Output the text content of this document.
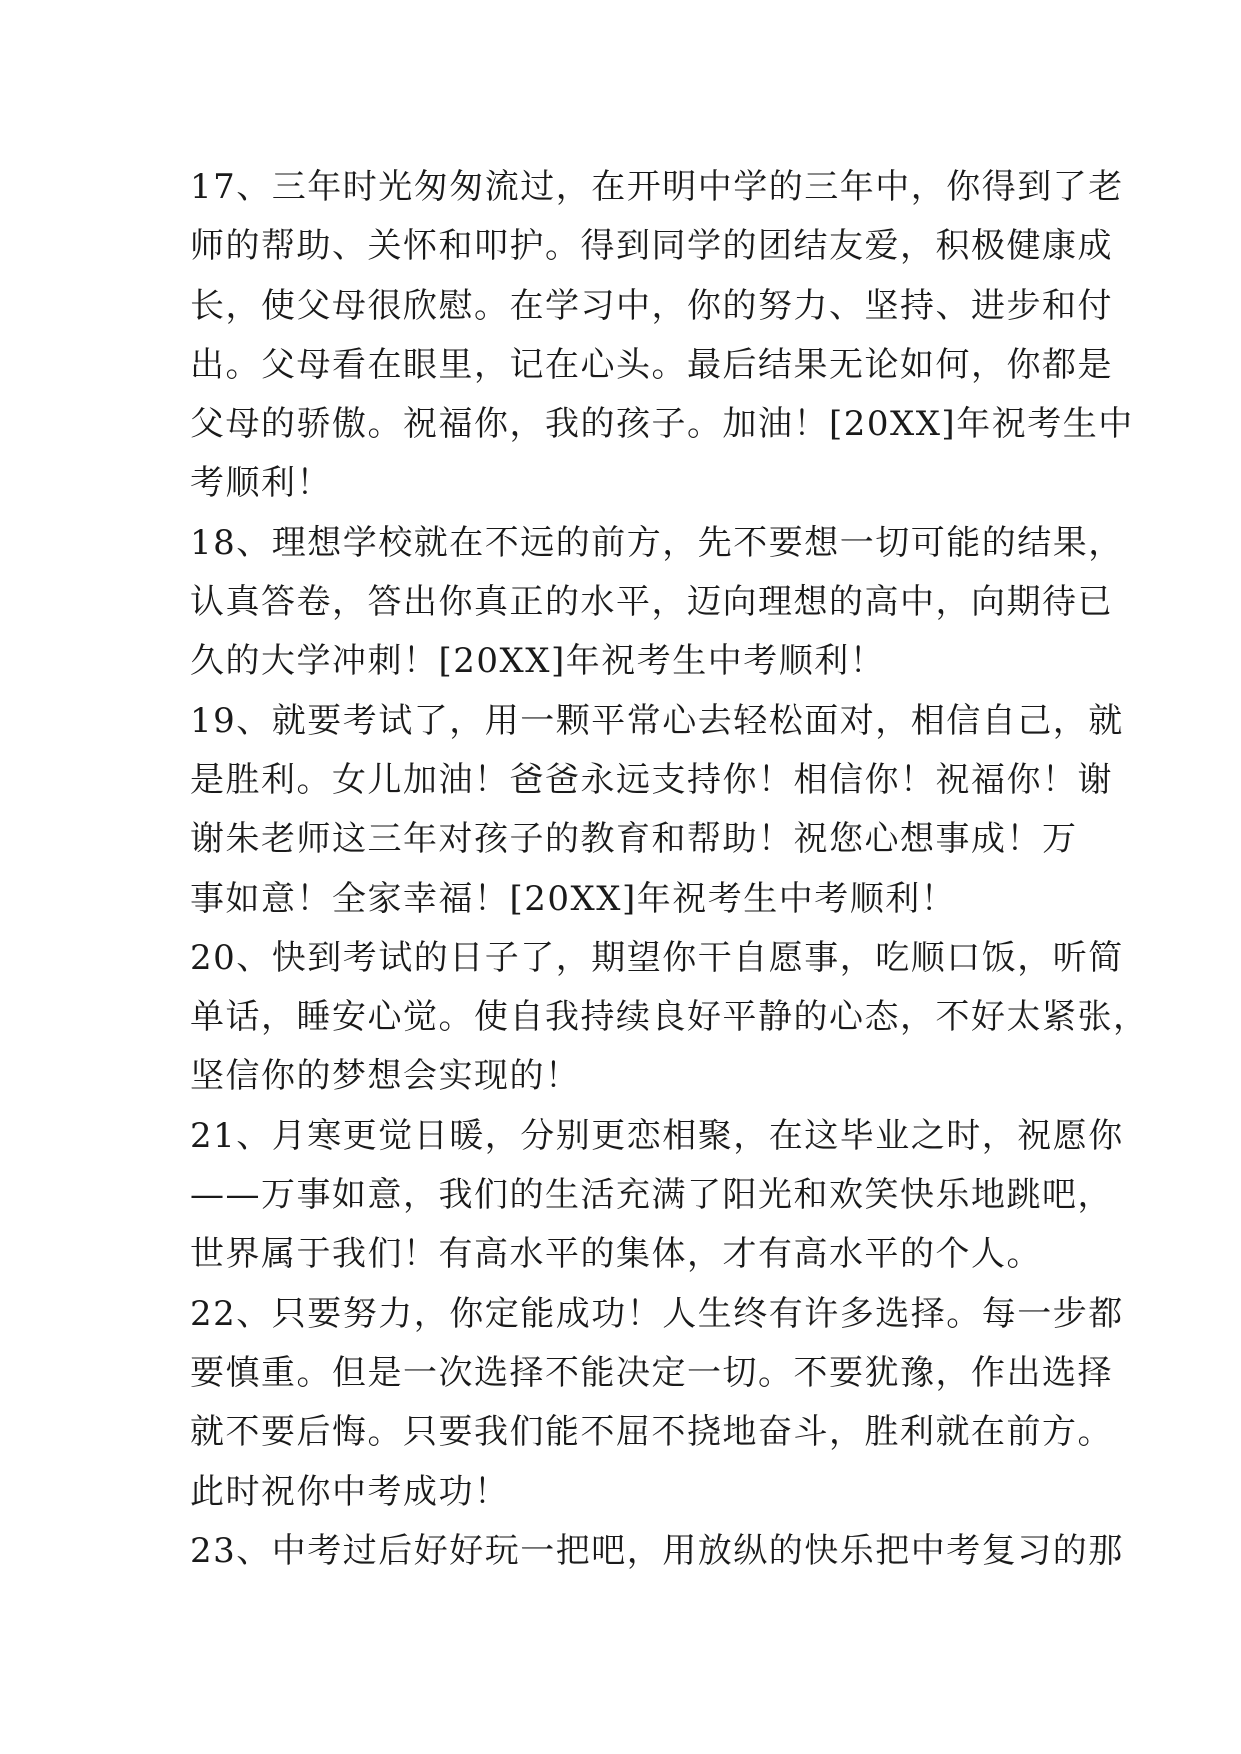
17、三年时光匆匆流过，在开明中学的三年中，你得到了老
师的帮助、关怀和叩护。得到同学的团结友爱，积极健康成
长，使父母很欣慰。在学习中，你的努力、坚持、进步和付
出。父母看在眼里，记在心头。最后结果无论如何，你都是
父母的骄傲。祝福你，我的孩子。加油！[20XX]年祝考生中
考顺利！
18、理想学校就在不远的前方，先不要想一切可能的结果，
认真答卷，答出你真正的水平，迈向理想的高中，向期待已
久的大学冲刺！[20XX]年祝考生中考顺利！
19、就要考试了，用一颗平常心去轻松面对，相信自己，就
是胜利。女儿加油！爸爸永远支持你！相信你！祝福你！谢
谢朱老师这三年对孩子的教育和帮助！祝您心想事成！万
事如意！全家幸福！[20XX]年祝考生中考顺利！
20、快到考试的日子了，期望你干自愿事，吃顺口饭，听简
单话，睡安心觉。使自我持续良好平静的心态，不好太紧张，
坚信你的梦想会实现的！
21、月寒更觉日暖，分别更恋相聚，在这毕业之时，祝愿你
——万事如意，我们的生活充满了阳光和欢笑快乐地跳吧，
世界属于我们！有高水平的集体，才有高水平的个人。
22、只要努力，你定能成功！人生终有许多选择。每一步都
要慎重。但是一次选择不能决定一切。不要犹豫，作出选择
就不要后悔。只要我们能不屈不挠地奋斗，胜利就在前方。
此时祝你中考成功！
23、中考过后好好玩一把吧，用放纵的快乐把中考复习的那
